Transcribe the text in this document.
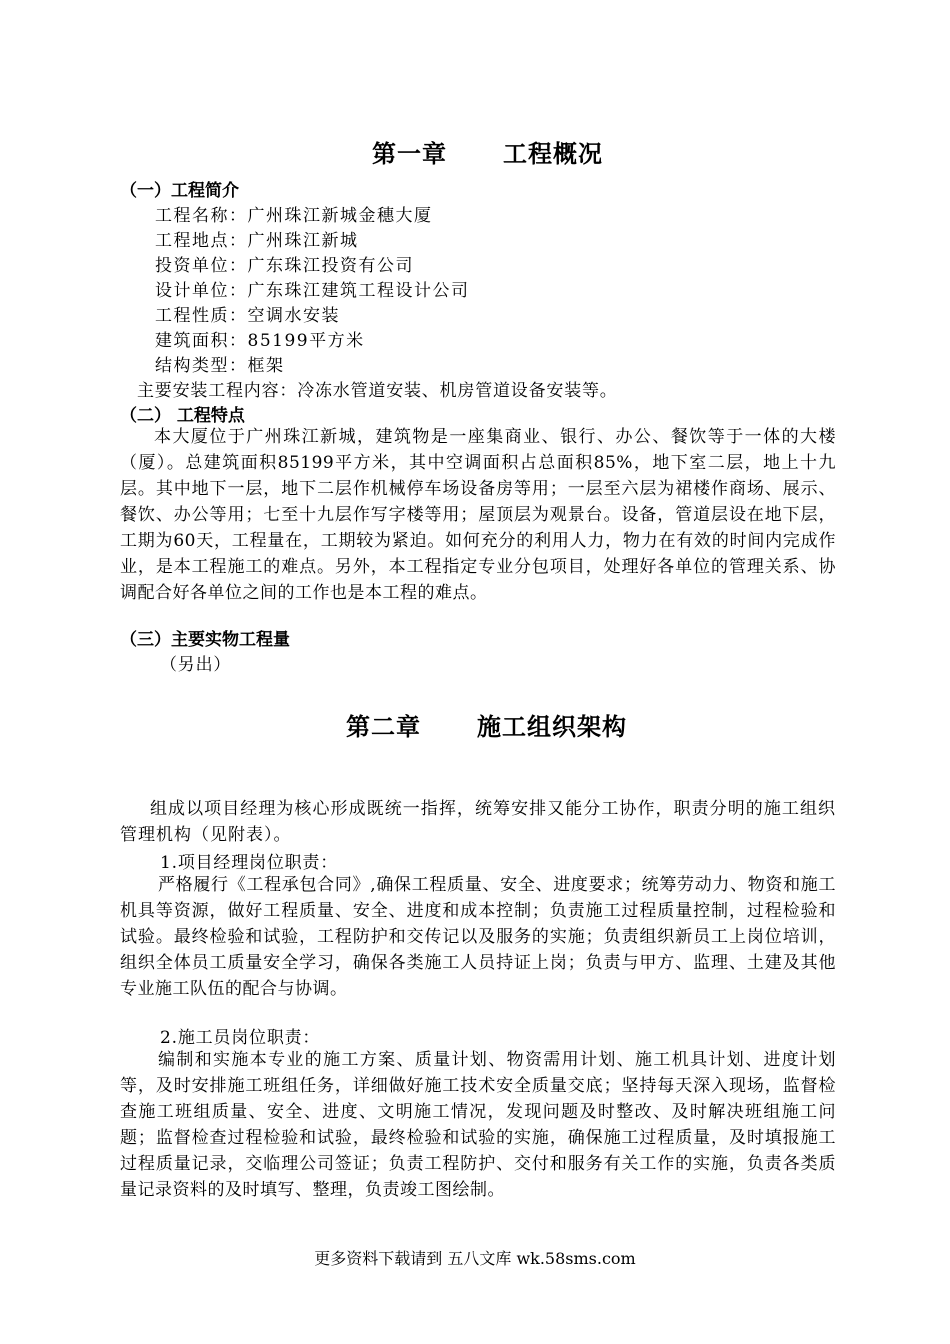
第一章 工程概况
（一）工程简介
工程名称：广州珠江新城金穗大厦
工程地点：广州珠江新城
投资单位：广东珠江投资有公司
设计单位：广东珠江建筑工程设计公司
工程性质：空调水安装
建筑面积：85199平方米
结构类型：框架
主要安装工程内容：冷冻水管道安装、机房管道设备安装等。
（二） 工程特点
本大厦位于广州珠江新城，建筑物是一座集商业、银行、办公、餐饮等于一体的大楼（厦）。总建筑面积85199平方米，其中空调面积占总面积85%，地下室二层，地上十九层。其中地下一层，地下二层作机械停车场设备房等用；一层至六层为裙楼作商场、展示、餐饮、办公等用；七至十九层作写字楼等用；屋顶层为观景台。设备，管道层设在地下层，工期为60天，工程量在，工期较为紧迫。如何充分的利用人力，物力在有效的时间内完成作业，是本工程施工的难点。另外，本工程指定专业分包项目，处理好各单位的管理关系、协调配合好各单位之间的工作也是本工程的难点。
（三）主要实物工程量
（另出）
第二章 施工组织架构
组成以项目经理为核心形成既统一指挥，统筹安排又能分工协作，职责分明的施工组织管理机构（见附表）。
1.项目经理岗位职责：
严格履行《工程承包合同》,确保工程质量、安全、进度要求；统筹劳动力、物资和施工机具等资源，做好工程质量、安全、进度和成本控制；负责施工过程质量控制，过程检验和试验。最终检验和试验，工程防护和交传记以及服务的实施；负责组织新员工上岗位培训，组织全体员工质量安全学习，确保各类施工人员持证上岗；负责与甲方、监理、土建及其他专业施工队伍的配合与协调。
2.施工员岗位职责：
编制和实施本专业的施工方案、质量计划、物资需用计划、施工机具计划、进度计划等，及时安排施工班组任务，详细做好施工技术安全质量交底；坚持每天深入现场，监督检查施工班组质量、安全、进度、文明施工情况，发现问题及时整改、及时解决班组施工问题；监督检查过程检验和试验，最终检验和试验的实施，确保施工过程质量，及时填报施工过程质量记录，交临理公司签证；负责工程防护、交付和服务有关工作的实施，负责各类质量记录资料的及时填写、整理，负责竣工图绘制。
更多资料下载请到 五八文库 wk.58sms.com
